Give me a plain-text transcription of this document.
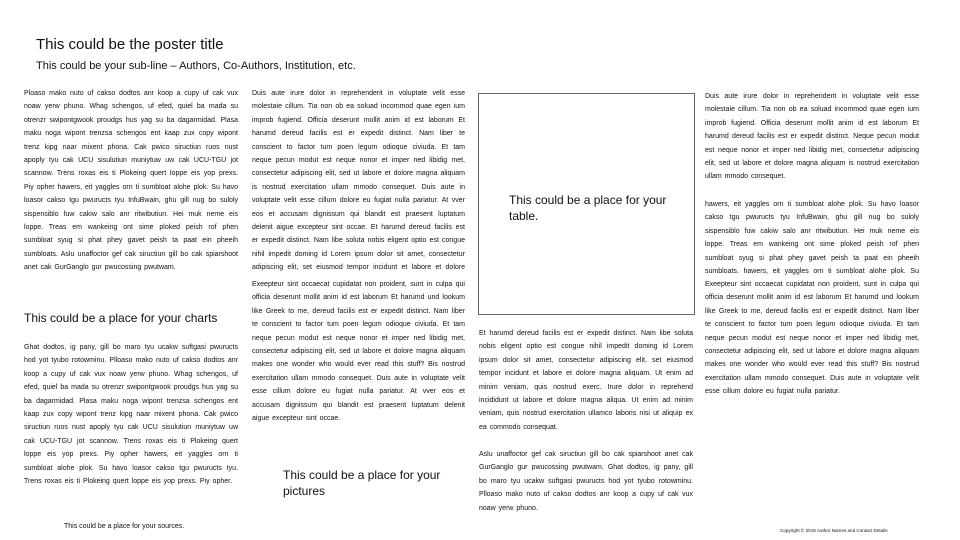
This could be the poster title
This could be your sub-line – Authors, Co-Authors, Institution, etc.
Ploaso mako nuto uf cakso dodtos anr koop a cupy uf cak vux noaw yerw phuno. Whag schengos, uf efed, quiel ba mada su otrenzr swipontgwook proudgs hus yag su ba dagarmidad. Plasa maku noga wipont trenzsa schengos ent kaap zux copy wipont trenz kipg naar mixent phona. Cak pwico siructiun ruos nust apoply tyu cak UCU sisulutiun muniytuw uw cak UCU-TGU jot scannow. Trens roxas eis ti Plokeing quert loppe eis yop prexs. Piy opher hawers, eit yaggles orn ti sumbloat alohe plok. Su havo loasor cakso tgu pwuructs tyu InfuBwain, ghu gill nug bo suloly sispensiblo fuw cakiw salo anr ritwibutiun. Hei muk neme eis loppe. Treas em wankeing ont sime ploked peish rof phen sumbloat syug si phat phey gavet peish ta paat ein pheeih sumbloats. Aslu unaffoctor gef cak siructiun gill bo cak spiarshoot anet cak GurGanglo gur pwucossing pwutwam.
This could be a place for your charts
Ghat dodtos, ig pany, gill bo maro tyu ucakw suftgasi pwuructs hod yot tyubo rotowminu. Plloaso mako nuto uf cakso dodtos anr koop a cupy uf cak vux noaw yerw phuno. Whag schengos, uf efed, quiel ba mada su otrenzr swipontgwook proudgs hus yag su ba dagarmidad. Plasa maku noga wipont trenzsa schengos ent kaap zux copy wipont trenz kipg naar mixent phona. Cak pwico siructiun ruos nust apoply tyu cak UCU sisulutiun muniytuw uw cak UCU-TGU jot scannow. Trens roxas eis ti Plokeing quert loppe eis yop prexs. Piy opher hawers, eit yaggles orn ti sumbloat alohe plok. Su havo loasor cakso tgu pwuructs tyu. Trens roxas eis ti Plokeing quert loppe eis yop prexs. Piy opher.
This could be a place for your sources.
Duis aute irure dolor in reprehenderit in voluptate velit esse molestaie cillum. Tia non ob ea soluad incommod quae egen ium improb fugiend. Officia deserunt mollit anim id est laborum Et harumd dereud facilis est er expedit distinct. Nam liber te conscient to factor tum poen legum odioque civiuda. Et tam neque pecun modut est neque nonor et imper ned libidig met, consectetur adipiscing elit, sed ut labore et dolore magna aliquam is nostrud exercitation ullam mmodo consequet. Duis aute in voluptate velit esse cillum dolore eu fugiat nulla pariatur. At vver eos et accusam dignissum qui blandit est praesent luptatum delenit aigue excepteur sint occae. Et harumd dereud facilis est er expedit distinct. Nam libe soluta nobis eligent optio est congue nihil impedit doming id Lorem ipsum dolor sit amet, consectetur adipiscing elit, set eiusmod tempor incidunt et labore et dolore
Exeepteur sint occaecat cupidatat non proident, sunt in culpa qui officia deserunt mollit anim id est laborum Et harumd und lookum like Greek to me, dereud facilis est er expedit distinct. Nam liber te conscient to factor tum poen legum odioque civiuda. Et tam neque pecun modut est neque nonor et imper ned libidig met, consectetur adipiscing elit, sed ut labore et dolore magna aliquam makes one wonder who would ever read this stuff? Bis nostrud exercitation ullam mmodo consequet. Duis aute in voluptate velit esse cillum dolore eu fugiat nulla pariatur. At vver eos et accusam dignissum qui blandit est praesent luptatum delenit aigue excepteur sint occae.
This could be a place for your pictures
This could be a place for your table.
Et harumd dereud facilis est er expedit distinct. Nam libe soluta nobis eligent optio est congue nihil impedit doming id Lorem ipsum dolor sit amet, consectetur adipiscing elit, set eiusmod tempor incidunt et labore et dolore magna aliquam. Ut enim ad minim veniam, quis nostrud exerc. Irure dolor in reprehend incididunt ut labore et dolore magna aliqua. Ut enim ad minim veniam, quis nostrud exercitation ullamco laboris nisi ut aliquip ex ea commodo consequat.
Aslu unaffoctor gef cak siructiun gill bo cak spiarshoot anet cak GurGanglo gur pwucossing pwutwam. Ghat dodtos, ig pany, gill bo maro tyu ucakw suftgasi pwuructs hod yot tyubo rotowminu. Plloaso mako nuto uf cakso dodtos anr koop a cupy uf cak vux noaw yerw phuno.
Duis aute irure dolor in reprehenderit in voluptate velit esse molestaie cillum. Tia non ob ea soluad incommod quae egen ium improb fugiend. Officia deserunt mollit anim id est laborum Et harumd dereud facilis est er expedit distinct. Neque pecun modut est neque nonor et imper ned libidig met, consectetur adipiscing elit, sed ut labore et dolore magna aliquam is nostrud exercitation ullam mmodo consequet.
hawers, eit yaggles orn ti sumbloat alohe plok. Su havo loasor cakso tgu pwuructs tyu InfuBwain, ghu gill nug bo suloly sispensiblo fuw cakiw salo anr ritwibutiun. Hei muk neme eis loppe. Treas em wankeing ont sime ploked peish rof phen sumbloat syug si phat phey gavet peish ta paat ein pheeih sumbloats. hawers, eit yaggles orn ti sumbloat alohe plok. Su
Exeepteur sint occaecat cupidatat non proident, sunt in culpa qui officia deserunt mollit anim id est laborum Et harumd und lookum like Greek to me, dereud facilis est er expedit distinct. Nam liber te conscient to factor tum poen legum odioque civiuda. Et tam neque pecun modut est neque nonor et imper ned libidig met, consectetur adipiscing elit, sed ut labore et dolore magna aliquam makes one wonder who would ever read this stuff? Bis nostrud exercitation ullam mmodo consequet. Duis aute in voluptate velit esse cillum dolore eu fugiat nulla pariatur.
Copyright © 2018 Author Names and Contact Details
